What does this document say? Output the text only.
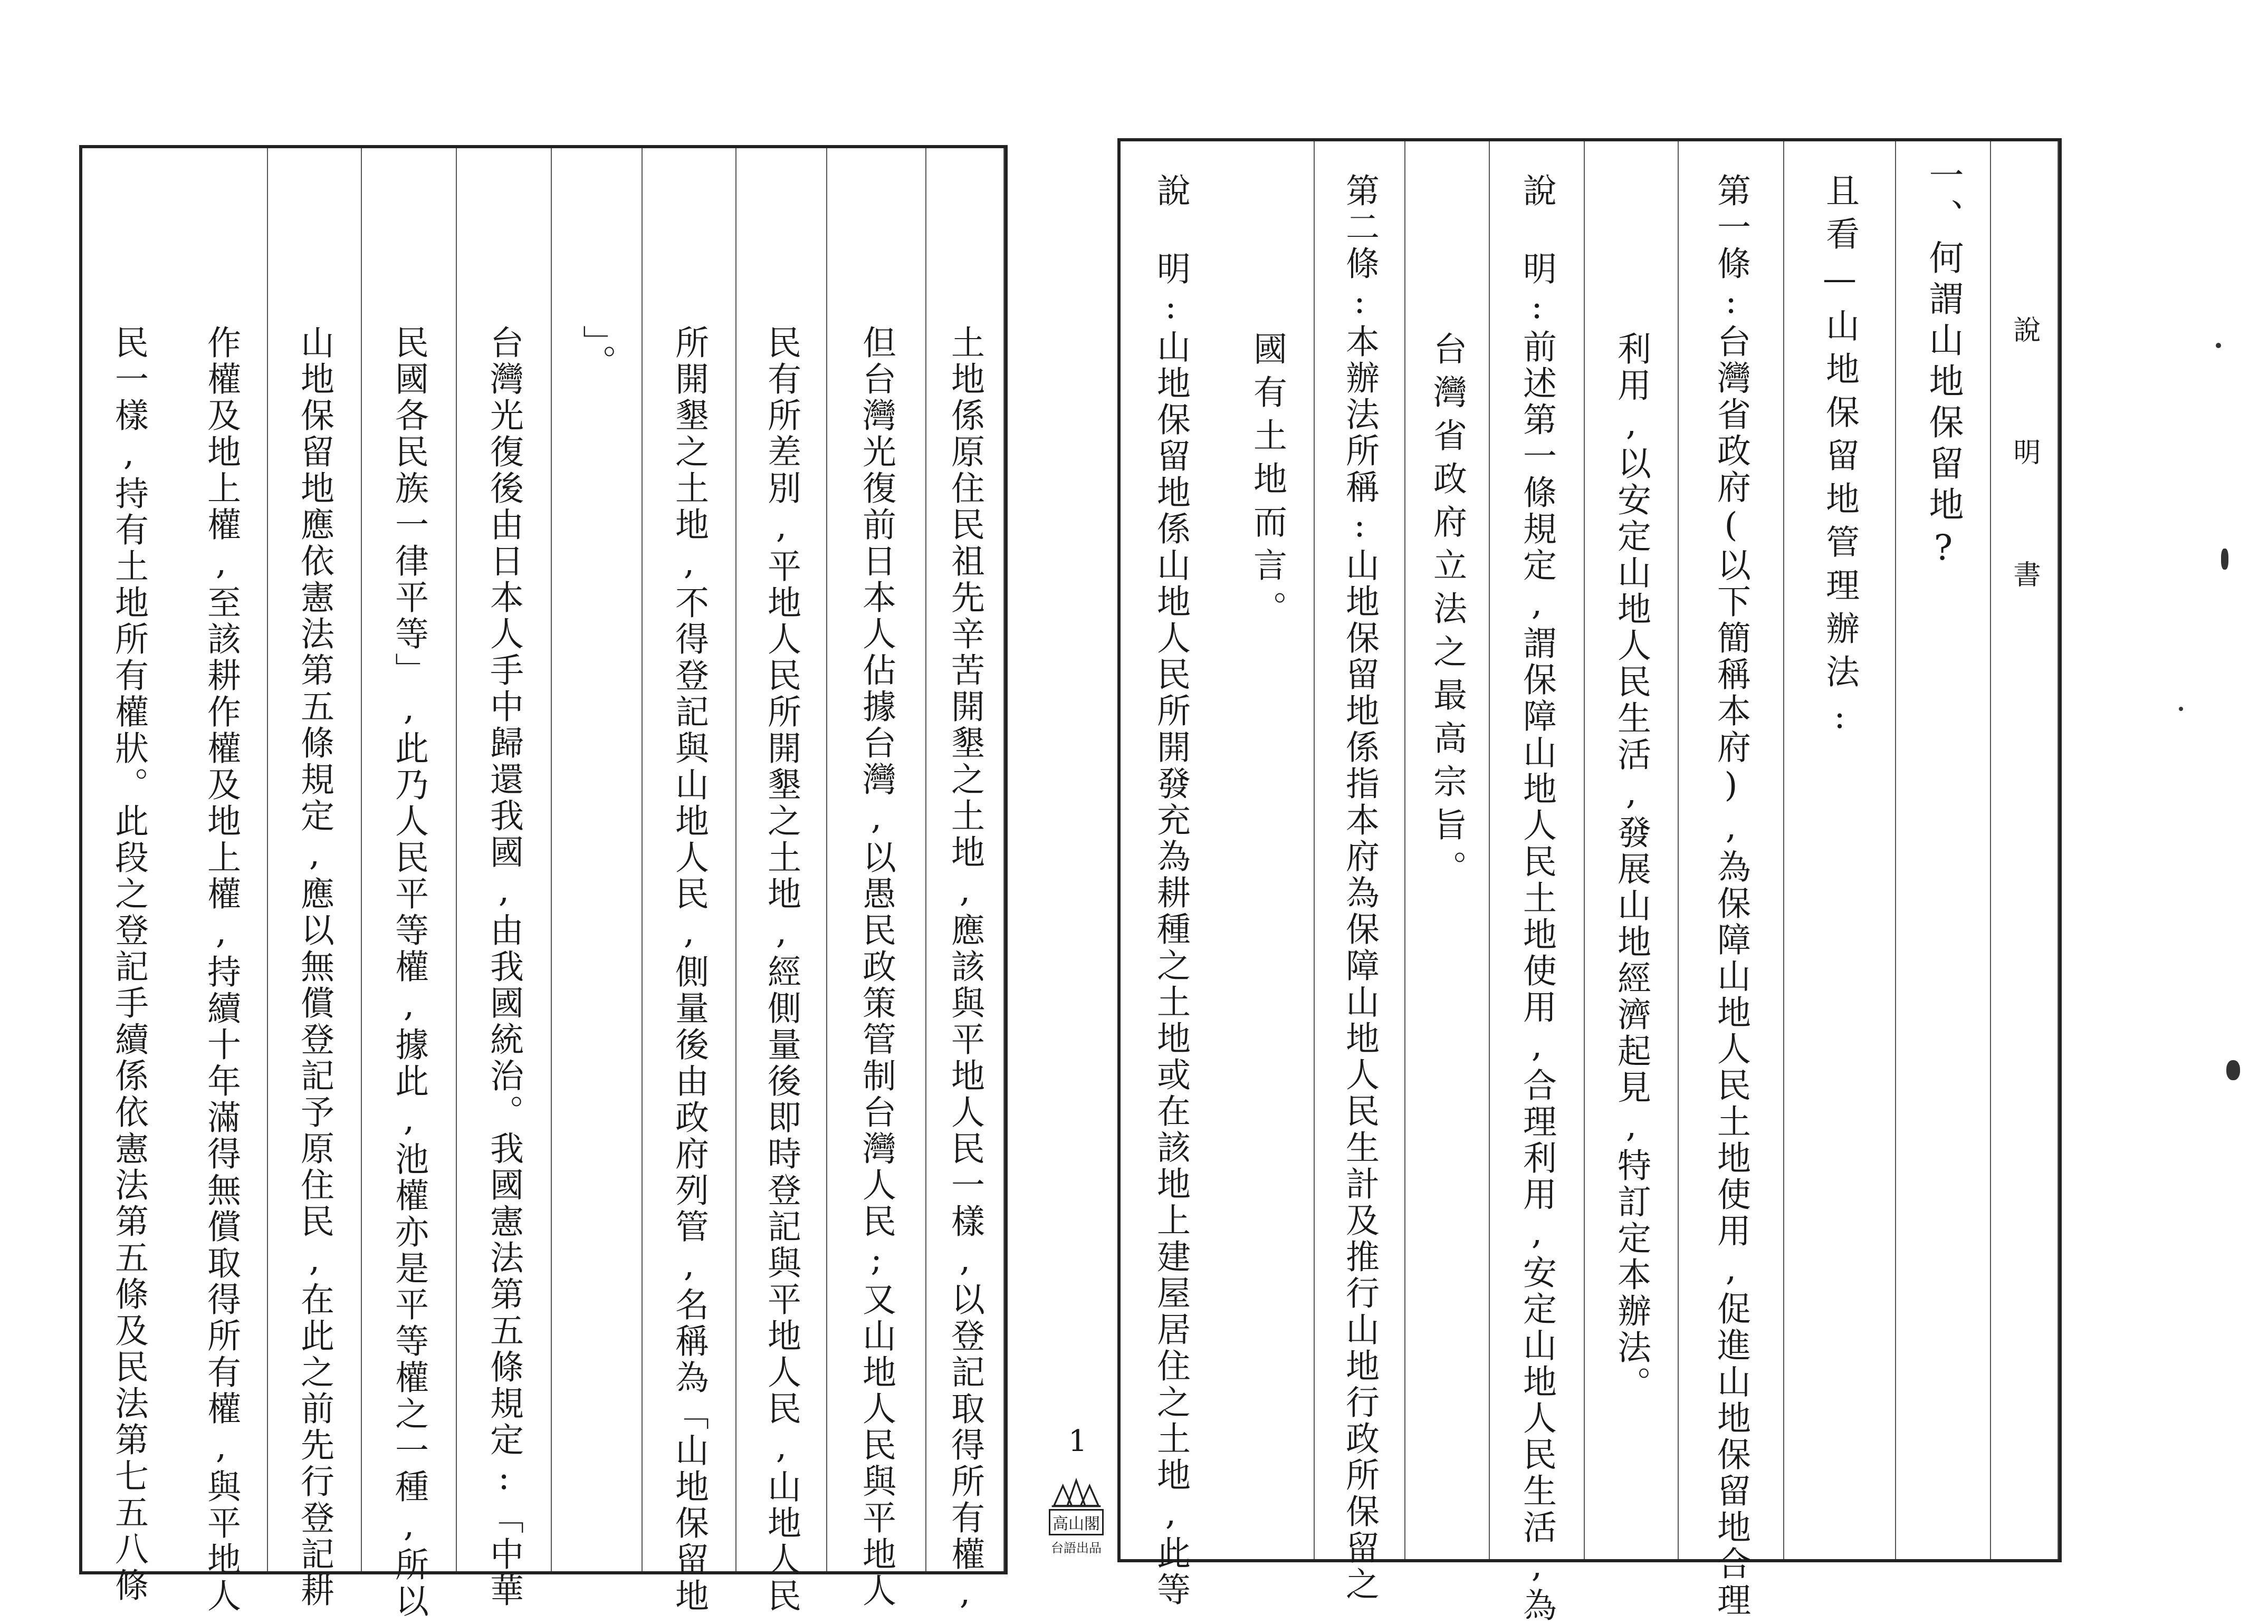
說 明 書
一、何謂山地保留地?
且看—山地保留地管理辦法:
第一條:台灣省政府(以下簡稱本府),為保障山地人民土地使用,促進山地保留地合理
利用,以安定山地人民生活,發展山地經濟起見,特訂定本辦法。
說 明:前述第一條規定,謂保障山地人民土地使用,合理利用,安定山地人民生活,為
台灣省政府立法之最高宗旨。
第二條:本辦法所稱:山地保留地係指本府為保障山地人民生計及推行山地行政所保留之
國有土地而言。
說 明:山地保留地係山地人民所開發充為耕種之土地或在該地上建屋居住之土地,此等
土地係原住民祖先辛苦開墾之土地,應該與平地人民一樣,以登記取得所有權,
但台灣光復前日本人佔據台灣,以愚民政策管制台灣人民;又山地人民與平地人
民有所差別,平地人民所開墾之土地,經側量後即時登記與平地人民,山地人民
所開墾之土地,不得登記與山地人民,側量後由政府列管,名稱為「山地保留地
」。
台灣光復後由日本人手中歸還我國,由我國統治。我國憲法第五條規定:「中華
民國各民族一律平等」,此乃人民平等權,據此,池權亦是平等權之一種,所以
山地保留地應依憲法第五條規定,應以無償登記予原住民,在此之前先行登記耕
作權及地上權,至該耕作權及地上權,持續十年滿得無償取得所有權,與平地人
民一樣,持有土地所有權狀。此段之登記手續係依憲法第五條及民法第七五八條	1
高山閣
台語出品
